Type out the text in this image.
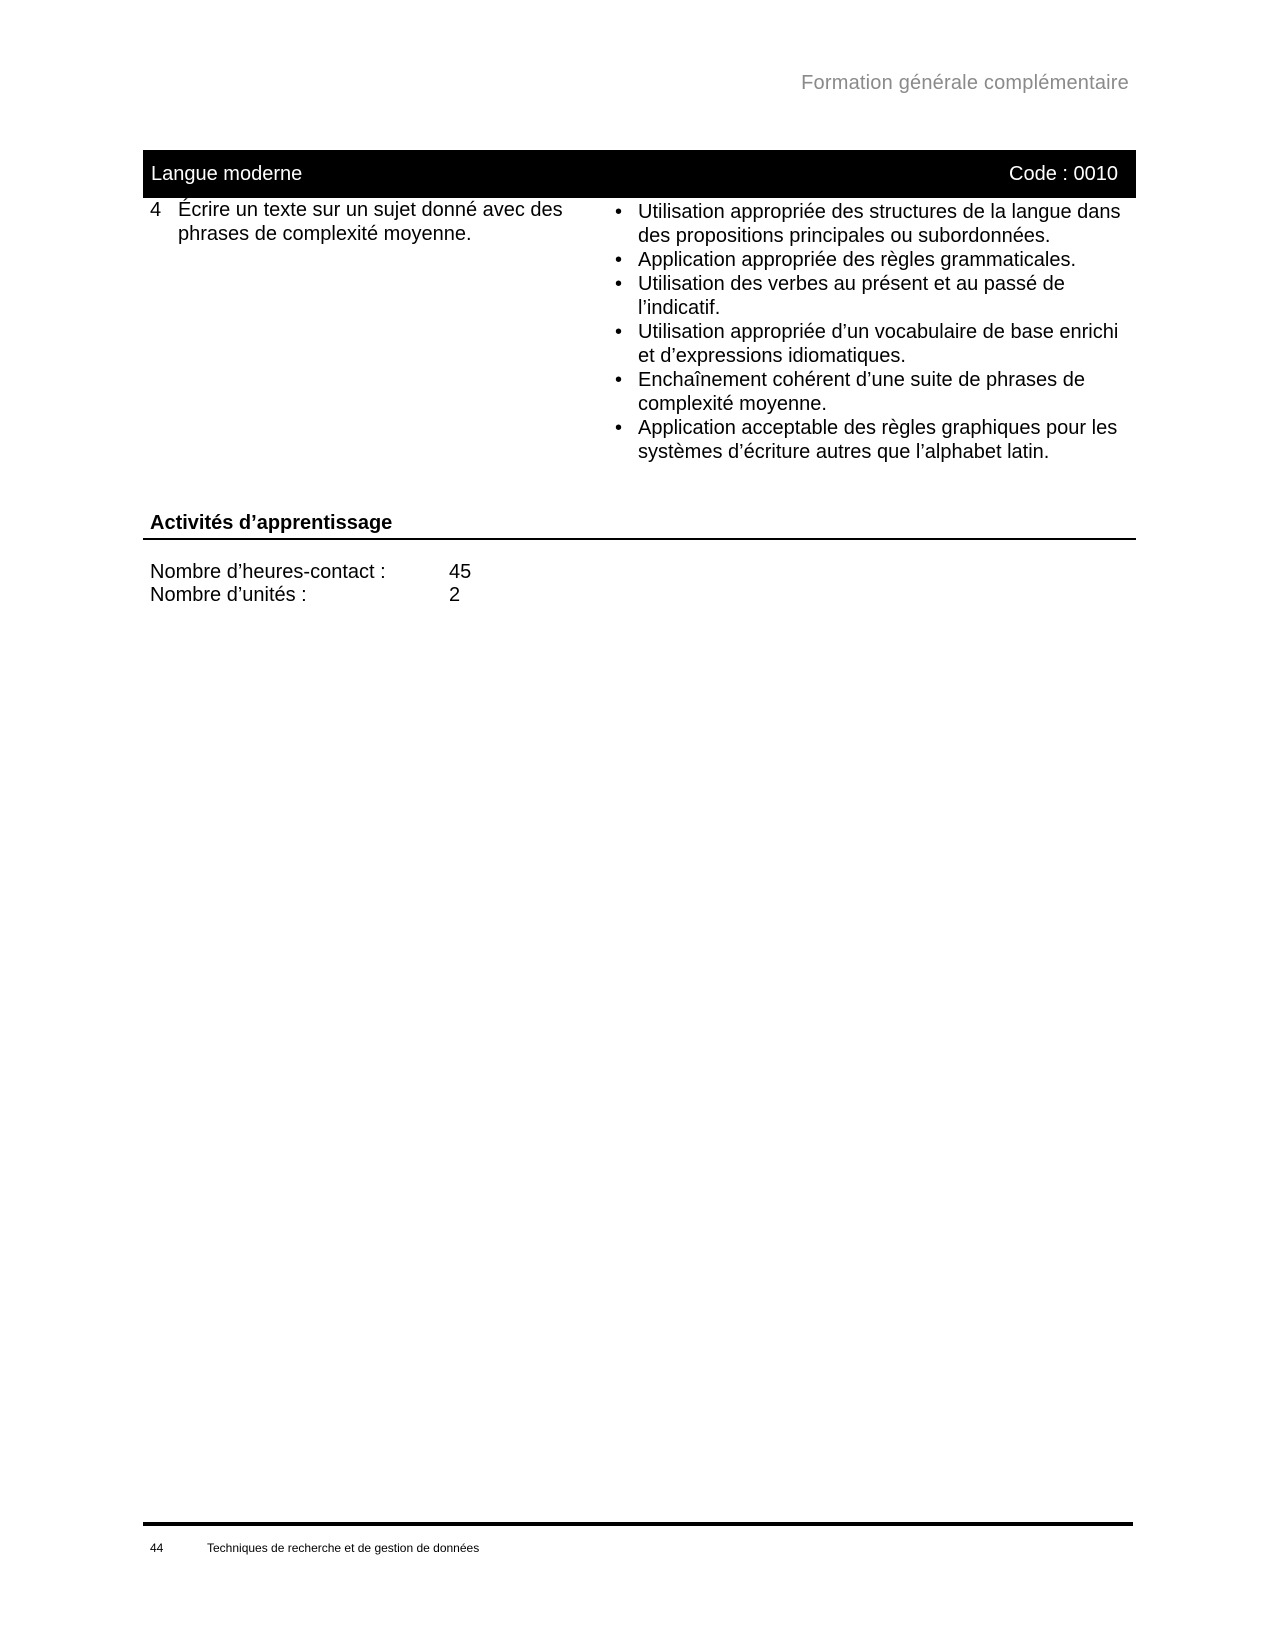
Formation générale complémentaire
Langue moderne	Code : 0010
4 Écrire un texte sur un sujet donné avec des phrases de complexité moyenne.
• Utilisation appropriée des structures de la langue dans des propositions principales ou subordonnées.
• Application appropriée des règles grammaticales.
• Utilisation des verbes au présent et au passé de l’indicatif.
• Utilisation appropriée d’un vocabulaire de base enrichi et d’expressions idiomatiques.
• Enchaînement cohérent d’une suite de phrases de complexité moyenne.
• Application acceptable des règles graphiques pour les systèmes d’écriture autres que l’alphabet latin.
Activités d’apprentissage
Nombre d’heures-contact :	45
Nombre d’unités :	2
44	Techniques de recherche et de gestion de données
